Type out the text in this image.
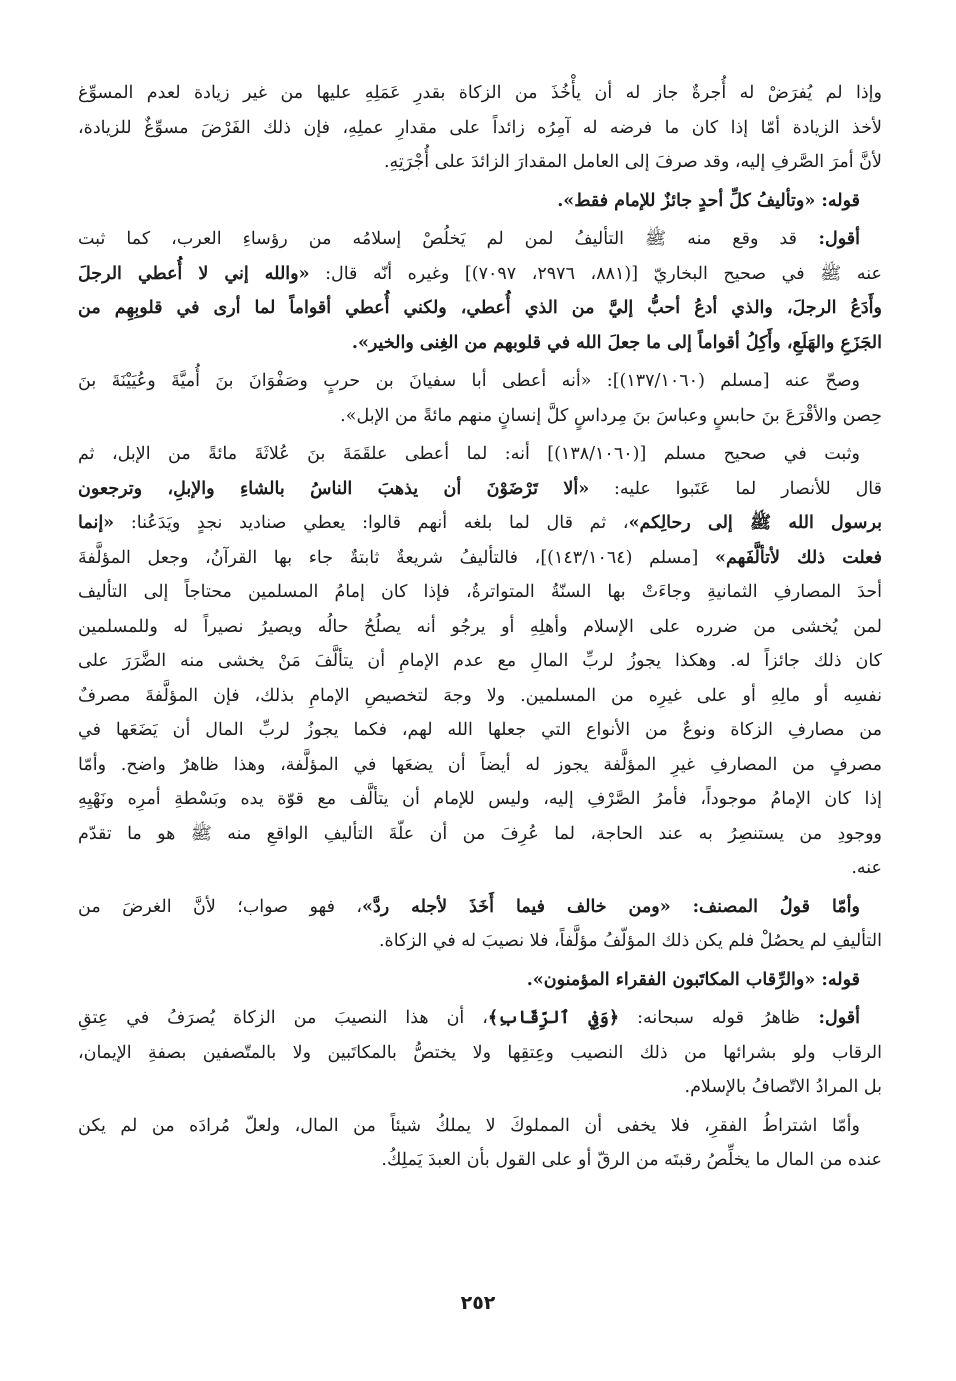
وإذا لم يُفرَضْ له أُجرةٌ جاز له أن يأْخُذَ من الزكاة بقدرِ عَمَلِهِ عليها من غير زيادة لعدم المسوِّغ
لأخذ الزيادة أمّا إذا كان ما فرضه له آمِرُه زائداً على مقدارِ عملِهِ، فإن ذلك الفَرْضَ مسوِّغٌ للزيادة،
لأنَّ أمرَ الصَّرفِ إليه، وقد صرفَ إلى العامل المقدارَ الزائدَ على أُجْرَتِهِ.
قوله: «وتأليفُ كلِّ أحدٍ جائزٌ للإمام فقط».
أقول: قد وقع منه ﷺ التأليفُ لمن لم يَخلُصْ إسلامُه من رؤساءِ العرب، كما ثبت
عنه ﷺ في صحيح البخاريّ [(٨٨١، ٢٩٧٦، ٧٠٩٧)] وغيره أنّه قال: «والله إني لا أُعطي الرجلَ
وأَدَعُ الرجلَ، والذي أدعُ أحبُّ إليَّ من الذي أُعطي، ولكني أُعطي أقواماً لما أرى في قلوبِهِم من
الجَزَعِ والهَلَعِ، وأَكِلُ أقواماً إلى ما جعلَ الله في قلوبهم من الغِنى والخير».
وصحّ عنه [مسلم (١٣٧/١٠٦٠)]: «أنه أعطى أبا سفيانَ بن حربٍ وصَفْوَانَ بنَ أُميَّةَ وعُيَيْنَةَ بنَ
حِصن والأقْرَعَ بنَ حابسٍ وعباسَ بنَ مِرداسٍ كلَّ إنسانٍ منهم مائةً من الإبل».
وثبت في صحيح مسلم [(١٣٨/١٠٦٠)] أنه: لما أعطى علقَمَةَ بنَ عُلاثَةَ مائةً من الإبل، ثم
قال للأنصار لما عَتَبوا عليه: «ألا تَرْضَوْنَ أن يذهبَ الناسُ بالشاءِ والإبلِ، وترجعون
برسول الله ﷺ إلى رحالِكم»، ثم قال لما بلغه أنهم قالوا: يعطي صناديد نجدٍ ويَدَعُنا: «إنما
فعلت ذلك لأتألَّفَهم» [مسلم (١٤٣/١٠٦٤)]، فالتأليفُ شريعةٌ ثابتةٌ جاء بها القرآنُ، وجعل المؤلَّفةَ
أحدَ المصارفِ الثمانيةِ وجاءَتْ بها السنّةُ المتواترةُ، فإذا كان إمامُ المسلمين محتاجاً إلى التأليف
لمن يُخشى من ضرره على الإسلام وأهلِهِ أو يرجُو أنه يصلُحُ حالُه ويصيرُ نصيراً له وللمسلمين
كان ذلك جائزاً له. وهكذا يجوزُ لربِّ المالِ مع عدم الإمامِ أن يتألَّفَ مَنْ يخشى منه الضَّرَرَ على
نفسِه أو مالِهِ أو على غيرِه من المسلمين. ولا وجهَ لتخصيصِ الإمامِ بذلك، فإن المؤلَّفةَ مصرفٌ
من مصارفِ الزكاة ونوعٌ من الأنواع التي جعلها الله لهم، فكما يجوزُ لربِّ المال أن يَضَعَها في
مصرفٍ من المصارفِ غيرِ المؤلَّفة يجوز له أيضاً أن يضعَها في المؤلَّفة، وهذا ظاهرٌ واضح. وأمّا
إذا كان الإمامُ موجوداً، فأمرُ الصَّرْفِ إليه، وليس للإمام أن يتألَّف مع قوّة يده وبَسْطةِ أمرِه ونَهْيِهِ
ووجودِ من يستنصِرُ به عند الحاجة، لما عُرِفَ من أن علّةَ التأليفِ الواقعِ منه ﷺ هو ما تقدّم
عنه.
وأمّا قولُ المصنف: «ومن خالف فيما أَخَذَ لأجله ردَّ»، فهو صواب؛ لأنَّ الغرضَ من
التأليفِ لم يحصُلْ فلم يكن ذلك المؤلّفُ مؤلَّفاً، فلا نصيبَ له في الزكاة.
قوله: «والرِّقاب المكاتَبون الفقراء المؤمنون».
أقول: ظاهرُ قوله سبحانه: ﴿وَفِي ٱلرِّقَابِ﴾، أن هذا النصيبَ من الزكاة يُصرَفُ في عِتقِ
الرقاب ولو بشرائها من ذلك النصيب وعِتقِها ولا يختصُّ بالمكاتَبين ولا بالمتّصفين بصفةِ الإيمان،
بل المرادُ الاتّصافُ بالإسلام.
وأمّا اشتراطُ الفقرِ، فلا يخفى أن المملوكَ لا يملكُ شيئاً من المال، ولعلّ مُرادَه من لم يكن
عنده من المال ما يخلِّصُ رقبتَه من الرقّ أو على القول بأن العبدَ يَملِكُ.
٢٥٢
